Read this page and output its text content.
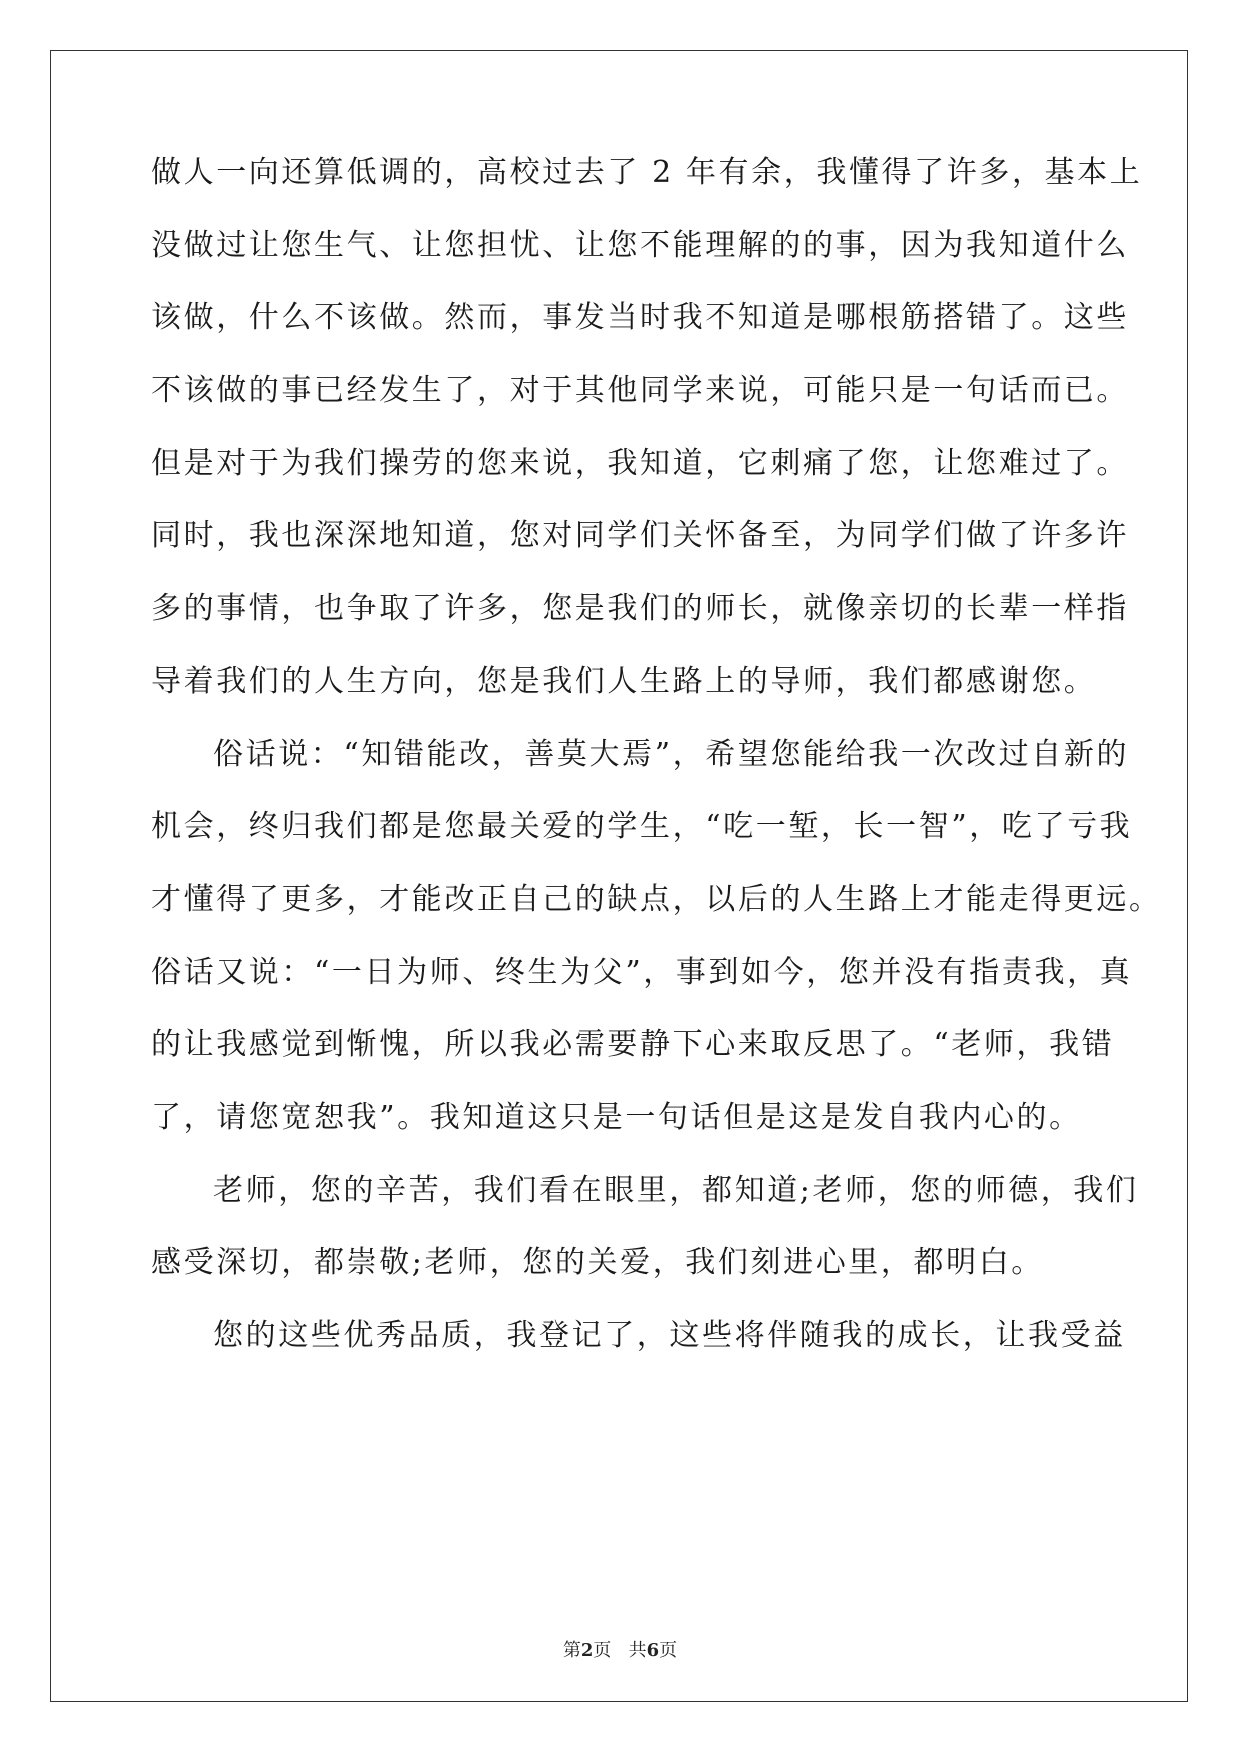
做人一向还算低调的，高校过去了 2 年有余，我懂得了许多，基本上
没做过让您生气、让您担忧、让您不能理解的的事，因为我知道什么
该做，什么不该做。然而，事发当时我不知道是哪根筋搭错了。这些
不该做的事已经发生了，对于其他同学来说，可能只是一句话而已。
但是对于为我们操劳的您来说，我知道，它刺痛了您，让您难过了。
同时，我也深深地知道，您对同学们关怀备至，为同学们做了许多许
多的事情，也争取了许多，您是我们的师长，就像亲切的长辈一样指
导着我们的人生方向，您是我们人生路上的导师，我们都感谢您。
俗话说：“知错能改，善莫大焉”，希望您能给我一次改过自新的
机会，终归我们都是您最关爱的学生，“吃一堑，长一智”，吃了亏我
才懂得了更多，才能改正自己的缺点，以后的人生路上才能走得更远。
俗话又说：“一日为师、终生为父”，事到如今，您并没有指责我，真
的让我感觉到惭愧，所以我必需要静下心来取反思了。“老师，我错
了，请您宽恕我”。我知道这只是一句话但是这是发自我内心的。
老师，您的辛苦，我们看在眼里，都知道;老师，您的师德，我们
感受深切，都崇敬;老师，您的关爱，我们刻进心里，都明白。
您的这些优秀品质，我登记了，这些将伴随我的成长，让我受益
第2页 共6页
